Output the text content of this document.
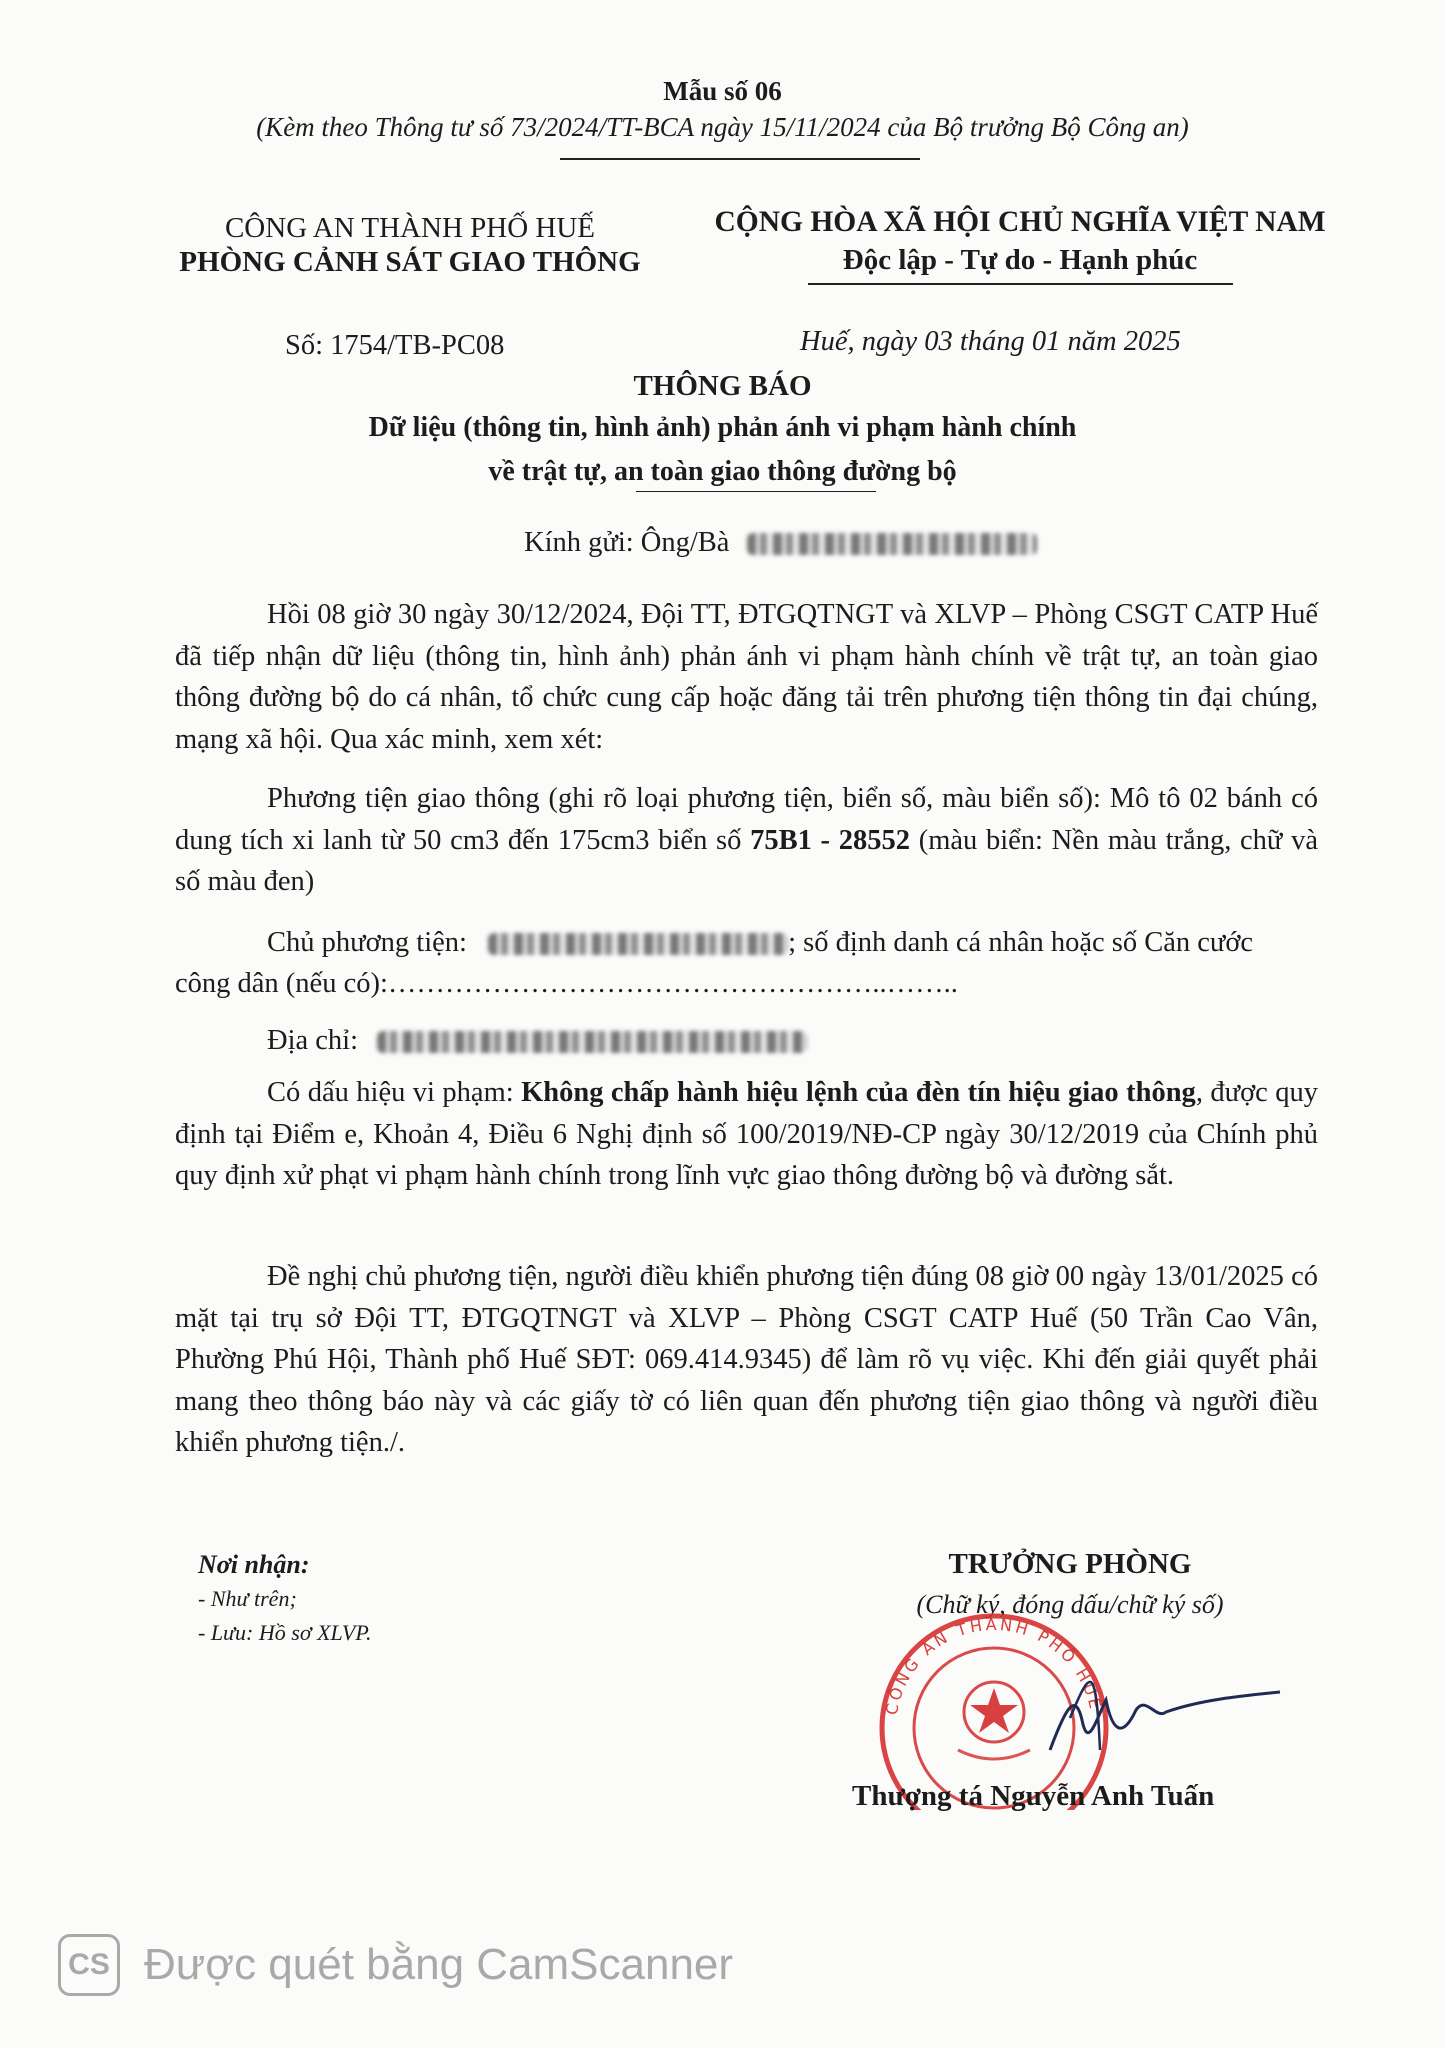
Mẫu số 06
(Kèm theo Thông tư số 73/2024/TT-BCA ngày 15/11/2024 của Bộ trưởng Bộ Công an)
CÔNG AN THÀNH PHỐ HUẾ
PHÒNG CẢNH SÁT GIAO THÔNG
CỘNG HÒA XÃ HỘI CHỦ NGHĨA VIỆT NAM
Độc lập - Tự do - Hạnh phúc
Số: 1754/TB-PC08	Huế, ngày 03 tháng 01 năm 2025
THÔNG BÁO
Dữ liệu (thông tin, hình ảnh) phản ánh vi phạm hành chính
về trật tự, an toàn giao thông đường bộ
Kính gửi: Ông/Bà
Hồi 08 giờ 30 ngày 30/12/2024, Đội TT, ĐTGQTNGT và XLVP – Phòng CSGT CATP Huế đã tiếp nhận dữ liệu (thông tin, hình ảnh) phản ánh vi phạm hành chính về trật tự, an toàn giao thông đường bộ do cá nhân, tổ chức cung cấp hoặc đăng tải trên phương tiện thông tin đại chúng, mạng xã hội. Qua xác minh, xem xét:
Phương tiện giao thông (ghi rõ loại phương tiện, biển số, màu biển số): Mô tô 02 bánh có dung tích xi lanh từ 50 cm3 đến 175cm3 biển số 75B1 - 28552 (màu biển: Nền màu trắng, chữ và số màu đen)
Chủ phương tiện:	; số định danh cá nhân hoặc số Căn cước
công dân (nếu có):……………………………………………..……..
Địa chỉ:
Có dấu hiệu vi phạm: Không chấp hành hiệu lệnh của đèn tín hiệu giao thông, được quy định tại Điểm e, Khoản 4, Điều 6 Nghị định số 100/2019/NĐ-CP ngày 30/12/2019 của Chính phủ quy định xử phạt vi phạm hành chính trong lĩnh vực giao thông đường bộ và đường sắt.
Đề nghị chủ phương tiện, người điều khiển phương tiện đúng 08 giờ 00 ngày 13/01/2025 có mặt tại trụ sở Đội TT, ĐTGQTNGT và XLVP – Phòng CSGT CATP Huế (50 Trần Cao Vân, Phường Phú Hội, Thành phố Huế SĐT: 069.414.9345) để làm rõ vụ việc. Khi đến giải quyết phải mang theo thông báo này và các giấy tờ có liên quan đến phương tiện giao thông và người điều khiển phương tiện./.
Nơi nhận:
- Như trên;
- Lưu: Hồ sơ XLVP.
TRƯỞNG PHÒNG
(Chữ ký, đóng dấu/chữ ký số)
CÔNG AN THÀNH PHỐ HUẾ
Thượng tá Nguyễn Anh Tuấn
CS Được quét bằng CamScanner
